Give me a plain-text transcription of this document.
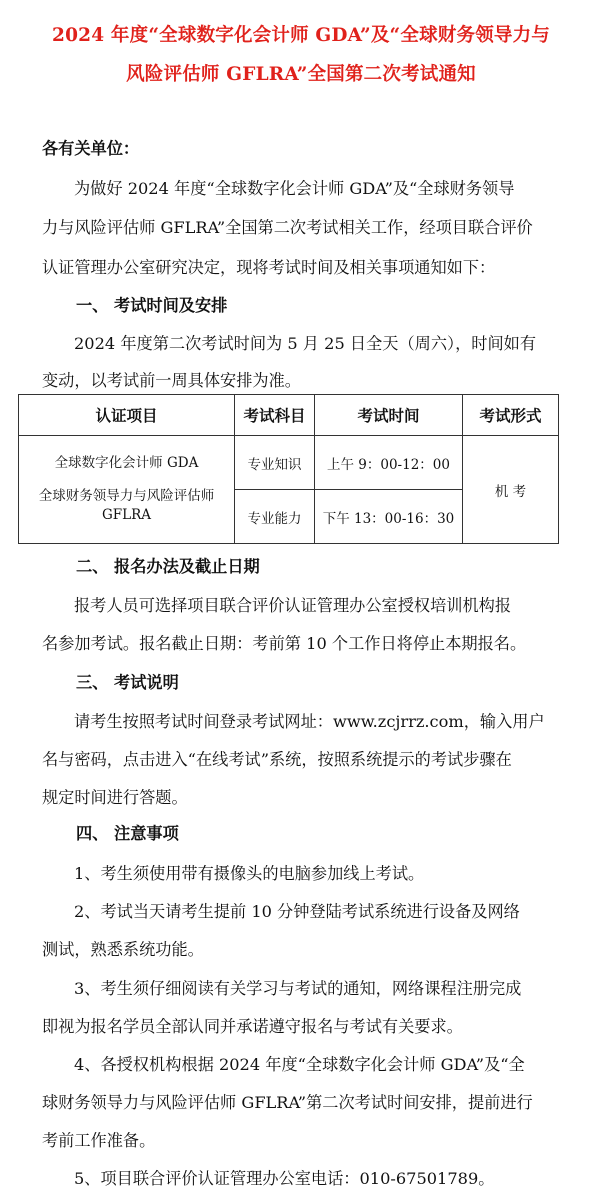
2024 年度“全球数字化会计师 GDA”及“全球财务领导力与
风险评估师 GFLRA”全国第二次考试通知
各有关单位：
为做好 2024 年度“全球数字化会计师 GDA”及“全球财务领导
力与风险评估师 GFLRA”全国第二次考试相关工作，经项目联合评价
认证管理办公室研究决定，现将考试时间及相关事项通知如下：
一、 考试时间及安排
2024 年度第二次考试时间为 5 月 25 日全天（周六），时间如有
变动，以考试前一周具体安排为准。
认证项目	考试科目	考试时间	考试形式

全球数字化会计师 GDA
全球财务领导力与风险评估师
GFLRA	专业知识	上午 9：00-12：00	机 考
	专业能力	下午 13：00-16：30	
二、 报名办法及截止日期
报考人员可选择项目联合评价认证管理办公室授权培训机构报
名参加考试。报名截止日期：考前第 10 个工作日将停止本期报名。
三、 考试说明
请考生按照考试时间登录考试网址：www.zcjrrz.com，输入用户
名与密码，点击进入“在线考试”系统，按照系统提示的考试步骤在
规定时间进行答题。
四、 注意事项
1、考生须使用带有摄像头的电脑参加线上考试。
2、考试当天请考生提前 10 分钟登陆考试系统进行设备及网络
测试，熟悉系统功能。
3、考生须仔细阅读有关学习与考试的通知，网络课程注册完成
即视为报名学员全部认同并承诺遵守报名与考试有关要求。
4、各授权机构根据 2024 年度“全球数字化会计师 GDA”及“全
球财务领导力与风险评估师 GFLRA”第二次考试时间安排，提前进行
考前工作准备。
5、项目联合评价认证管理办公室电话：010-67501789。
